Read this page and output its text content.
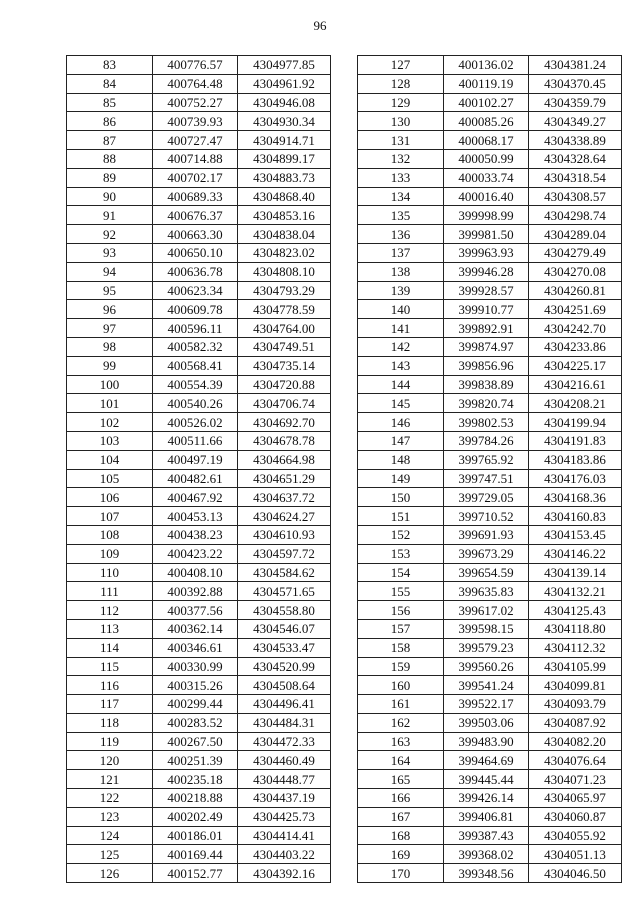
96
83	400776.57	4304977.85
84	400764.48	4304961.92
85	400752.27	4304946.08
86	400739.93	4304930.34
87	400727.47	4304914.71
88	400714.88	4304899.17
89	400702.17	4304883.73
90	400689.33	4304868.40
91	400676.37	4304853.16
92	400663.30	4304838.04
93	400650.10	4304823.02
94	400636.78	4304808.10
95	400623.34	4304793.29
96	400609.78	4304778.59
97	400596.11	4304764.00
98	400582.32	4304749.51
99	400568.41	4304735.14
100	400554.39	4304720.88
101	400540.26	4304706.74
102	400526.02	4304692.70
103	400511.66	4304678.78
104	400497.19	4304664.98
105	400482.61	4304651.29
106	400467.92	4304637.72
107	400453.13	4304624.27
108	400438.23	4304610.93
109	400423.22	4304597.72
110	400408.10	4304584.62
111	400392.88	4304571.65
112	400377.56	4304558.80
113	400362.14	4304546.07
114	400346.61	4304533.47
115	400330.99	4304520.99
116	400315.26	4304508.64
117	400299.44	4304496.41
118	400283.52	4304484.31
119	400267.50	4304472.33
120	400251.39	4304460.49
121	400235.18	4304448.77
122	400218.88	4304437.19
123	400202.49	4304425.73
124	400186.01	4304414.41
125	400169.44	4304403.22
126	400152.77	4304392.16
127	400136.02	4304381.24
128	400119.19	4304370.45
129	400102.27	4304359.79
130	400085.26	4304349.27
131	400068.17	4304338.89
132	400050.99	4304328.64
133	400033.74	4304318.54
134	400016.40	4304308.57
135	399998.99	4304298.74
136	399981.50	4304289.04
137	399963.93	4304279.49
138	399946.28	4304270.08
139	399928.57	4304260.81
140	399910.77	4304251.69
141	399892.91	4304242.70
142	399874.97	4304233.86
143	399856.96	4304225.17
144	399838.89	4304216.61
145	399820.74	4304208.21
146	399802.53	4304199.94
147	399784.26	4304191.83
148	399765.92	4304183.86
149	399747.51	4304176.03
150	399729.05	4304168.36
151	399710.52	4304160.83
152	399691.93	4304153.45
153	399673.29	4304146.22
154	399654.59	4304139.14
155	399635.83	4304132.21
156	399617.02	4304125.43
157	399598.15	4304118.80
158	399579.23	4304112.32
159	399560.26	4304105.99
160	399541.24	4304099.81
161	399522.17	4304093.79
162	399503.06	4304087.92
163	399483.90	4304082.20
164	399464.69	4304076.64
165	399445.44	4304071.23
166	399426.14	4304065.97
167	399406.81	4304060.87
168	399387.43	4304055.92
169	399368.02	4304051.13
170	399348.56	4304046.50
